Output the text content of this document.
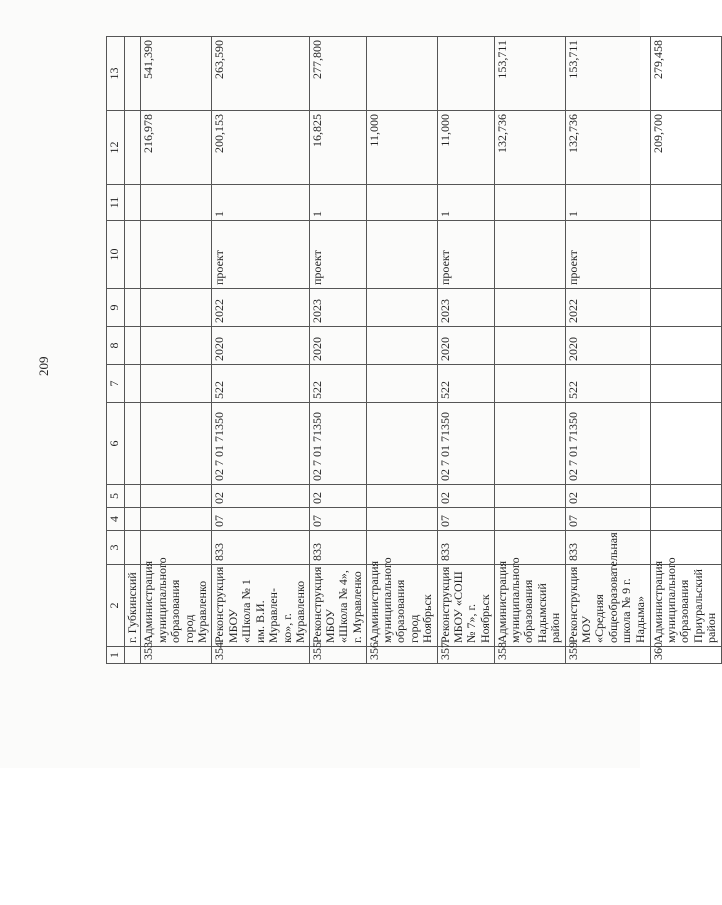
209
1	2	3	4	5	6	7	8	9	10	11	12	13
	г. Губкинский											
353	Администрация муниципального образования город Муравленко										216,978	541,390
354	Реконструкция МБОУ «Школа № 1 им. В.И. Муравлен-ко», г. Муравленко	833	07	02	02 7 01 71350	522	2020	2022	проект	1	200,153	263,590
355	Реконструкция МБОУ «Школа № 4», г. Муравленко	833	07	02	02 7 01 71350	522	2020	2023	проект	1	16,825	277,800
356	Администрация муниципального образования город Ноябрьск										11,000	
357	Реконструкция МБОУ «СОШ № 7», г. Ноябрьск	833	07	02	02 7 01 71350	522	2020	2023	проект	1	11,000	
358	Администрация муниципального образования Надымский район										132,736	153,711
359	Реконструкция МОУ «Средняя общеобразовательная школа № 9 г. Надыма»	833	07	02	02 7 01 71350	522	2020	2022	проект	1	132,736	153,711
360	Администрация муниципального образования Приуральский район										209,700	279,458
